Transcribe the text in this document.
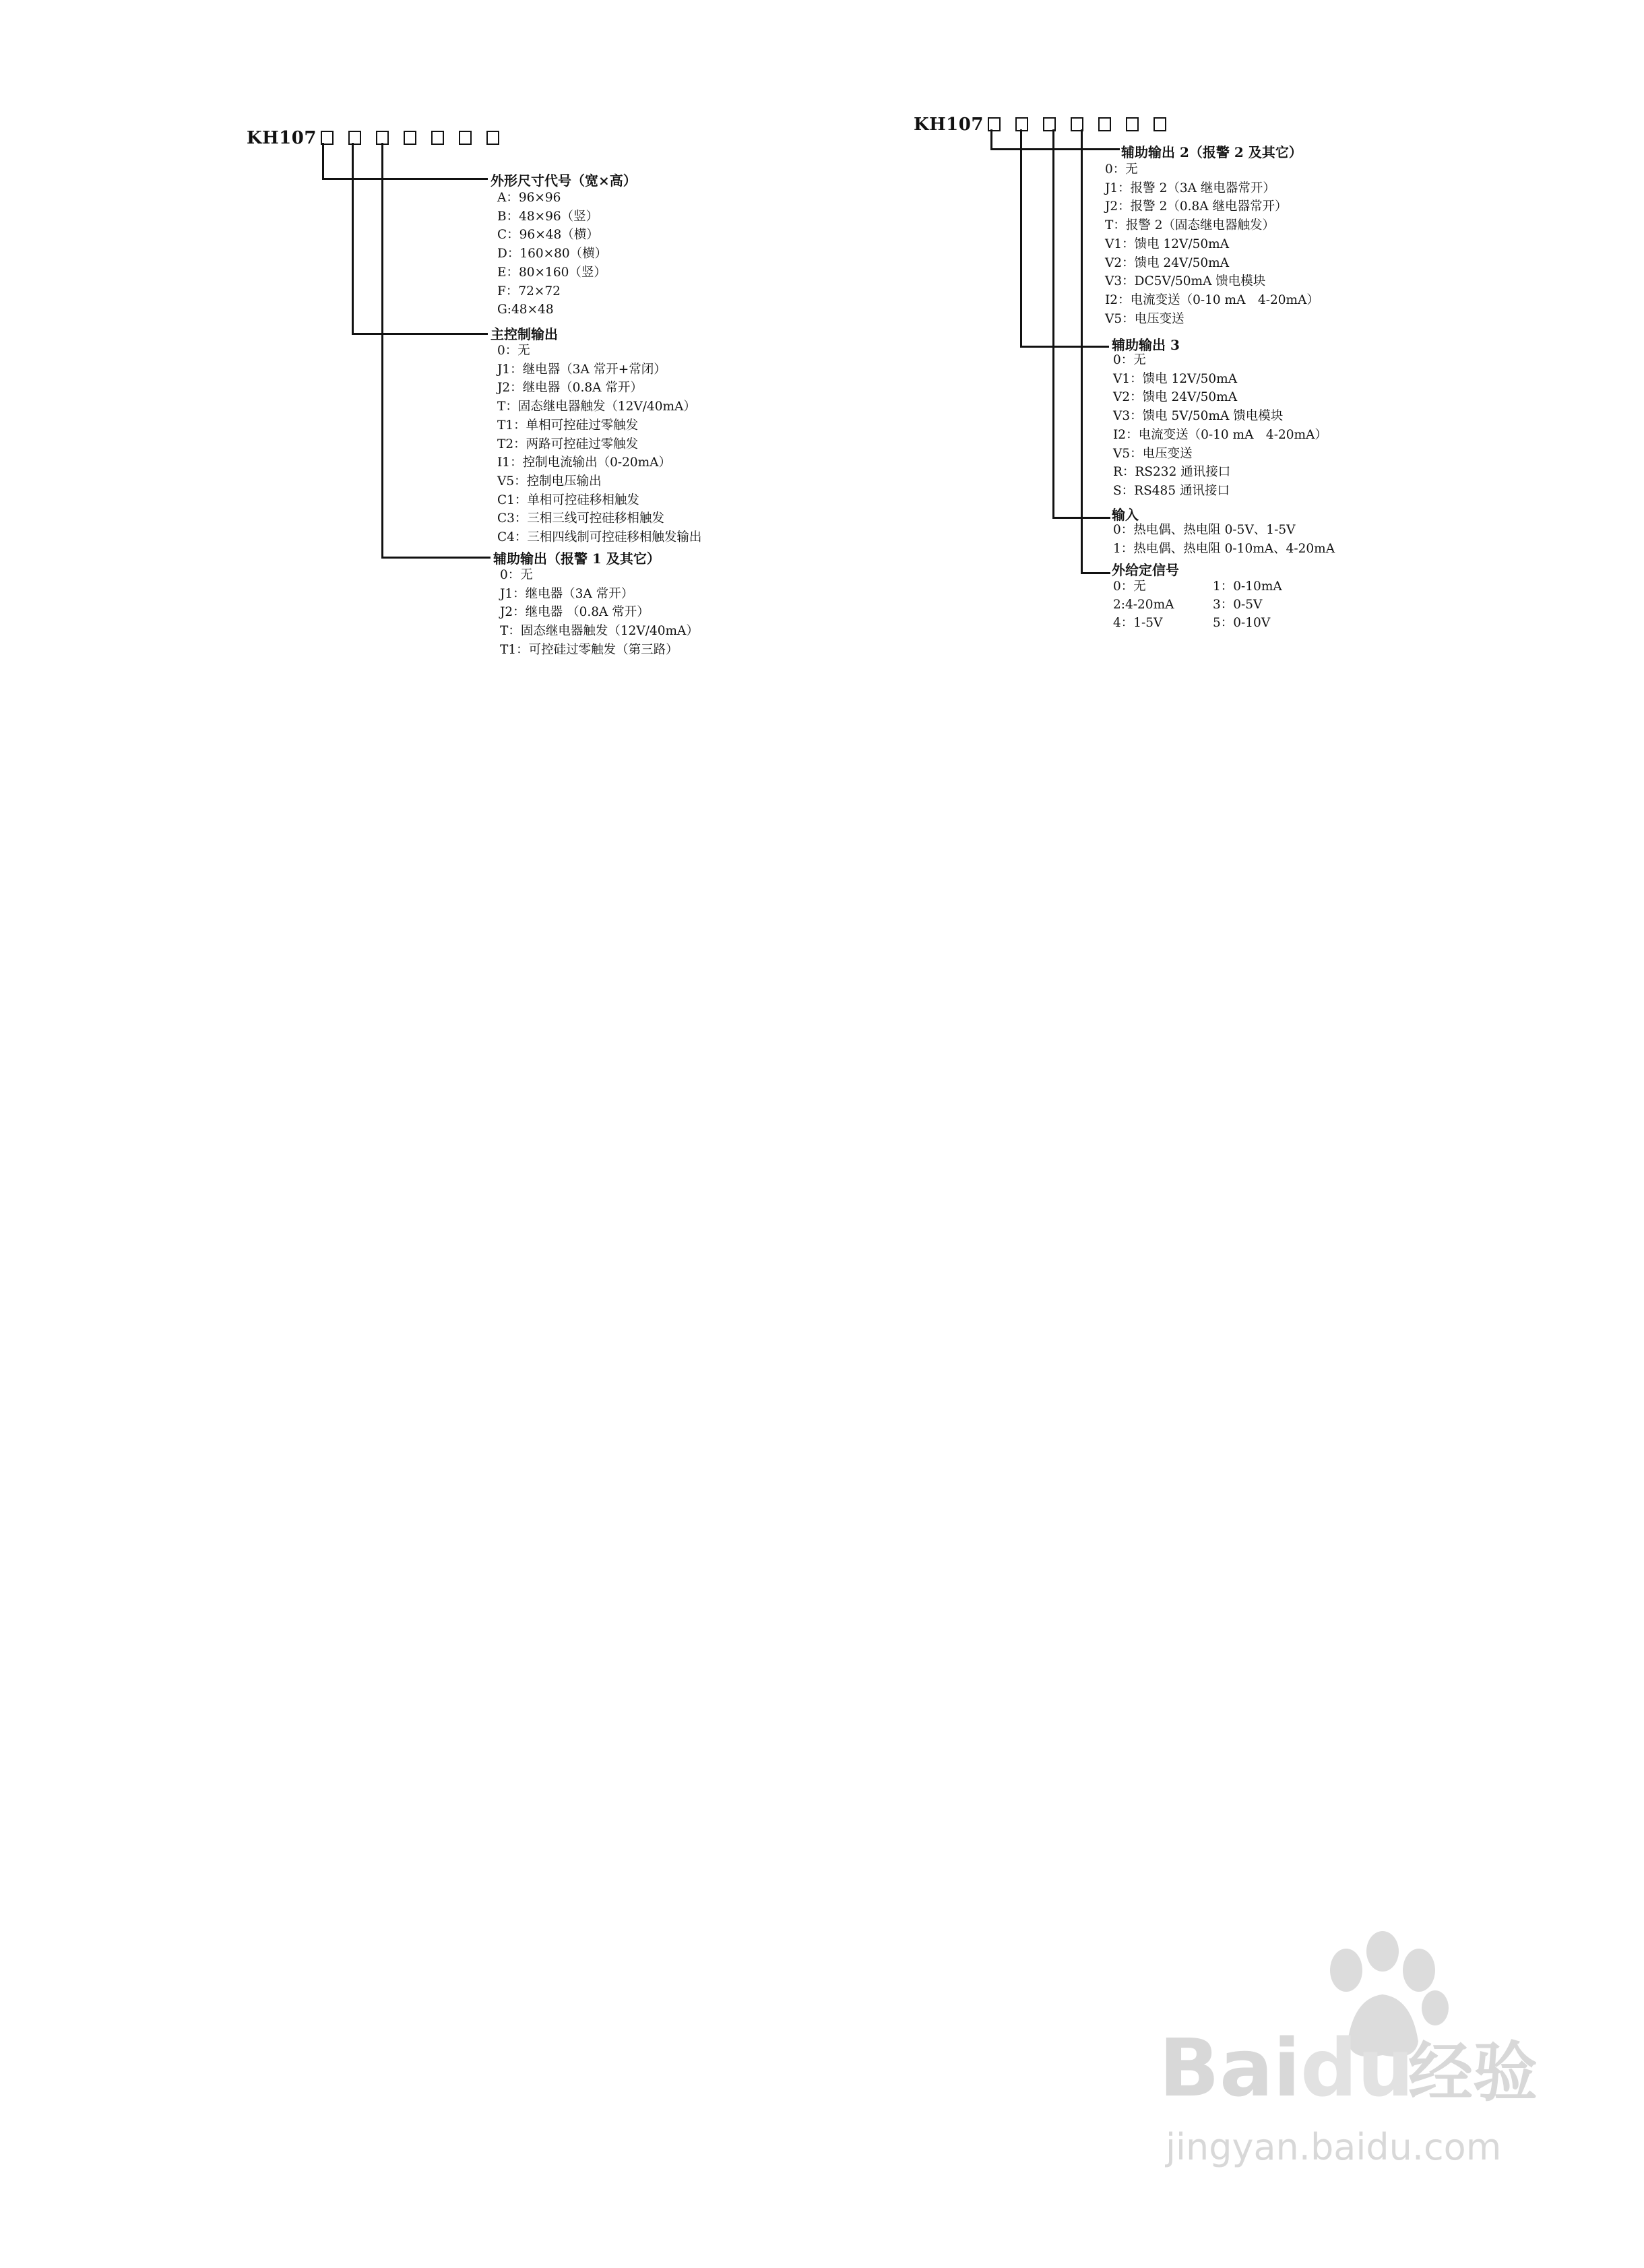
KH107
外形尺寸代号（宽×高）
A：96×96
B：48×96（竖）
C：96×48（横）
D：160×80（横）
E：80×160（竖）
F：72×72
G:48×48
主控制输出
0：无
J1：继电器（3A 常开+常闭）
J2：继电器（0.8A 常开）
T：固态继电器触发（12V/40mA）
T1：单相可控硅过零触发
T2：两路可控硅过零触发
I1：控制电流输出（0-20mA）
V5：控制电压输出
C1：单相可控硅移相触发
C3：三相三线可控硅移相触发
C4：三相四线制可控硅移相触发输出
辅助输出（报警 1 及其它）
0：无
J1：继电器（3A 常开）
J2：继电器 （0.8A 常开）
T：固态继电器触发（12V/40mA）
T1：可控硅过零触发（第三路）
KH107
辅助输出 2（报警 2 及其它）
0：无
J1：报警 2（3A 继电器常开）
J2：报警 2（0.8A 继电器常开）
T：报警 2（固态继电器触发）
V1：馈电 12V/50mA
V2：馈电 24V/50mA
V3：DC5V/50mA 馈电模块
I2：电流变送（0-10 mA　4-20mA）
V5：电压变送
辅助输出 3
0：无
V1：馈电 12V/50mA
V2：馈电 24V/50mA
V3：馈电 5V/50mA 馈电模块
I2：电流变送（0-10 mA　4-20mA）
V5：电压变送
R：RS232 通讯接口
S：RS485 通讯接口
输入
0：热电偶、热电阻 0-5V、1-5V
1：热电偶、热电阻 0-10mA、4-20mA
外给定信号
0：无	1：0-10mA
2:4-20mA	3：0-5V
4：1-5V	5：0-10V
Baidu
经验
jingyan.baidu.com
